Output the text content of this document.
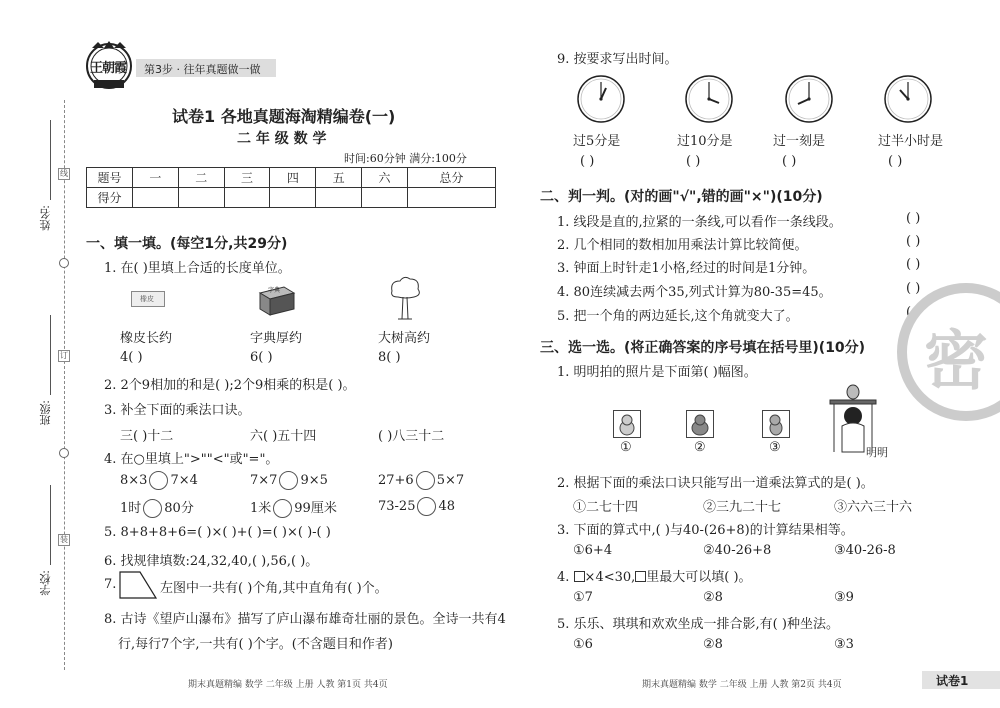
王朝霞 第3步 · 往年真题做一做
试卷1 各地真题海淘精编卷(一)
二 年 级 数 学
时间:60分钟 满分:100分
题号	一	二	三	四	五	六	总分
得分							
线
订
装
姓名:
班级:
学校:
一、填一填。(每空1分,共29分)
1. 在( )里填上合适的长度单位。
橡皮
字典
橡皮长约	字典厚约	大树高约
4( )	6( )	8( )
2. 2个9相加的和是( );2个9相乘的积是( )。
3. 补全下面的乘法口诀。
三( )十二	六( )五十四	( )八三十二
4. 在○里填上">""<"或"="。
8×3 7×4	7×7 9×5	27+6 5×7
1时 80分	1米 99厘米	73-25 48
5. 8+8+8+6=( )×( )+( )=( )×( )-( )
6. 找规律填数:24,32,40,( ),56,( )。
7.	左图中一共有( )个角,其中直角有( )个。
8. 古诗《望庐山瀑布》描写了庐山瀑布雄奇壮丽的景色。全诗一共有4
行,每行7个字,一共有( )个字。(不含题目和作者)
期末真题精编 数学 二年级 上册 人教 第1页 共4页
9. 按要求写出时间。
过5分是	过10分是	过一刻是	过半小时是
( )	( )	( )	( )
二、判一判。(对的画"√",错的画"×")(10分)
1. 线段是直的,拉紧的一条线,可以看作一条线段。	( )
2. 几个相同的数相加用乘法计算比较简便。	( )
3. 钟面上时针走1小格,经过的时间是1分钟。	( )
4. 80连续减去两个35,列式计算为80-35=45。	( )
5. 把一个角的两边延长,这个角就变大了。	( )
密
三、选一选。(将正确答案的序号填在括号里)(10分)
1. 明明拍的照片是下面第( )幅图。
①	②	③	明明
2. 根据下面的乘法口诀只能写出一道乘法算式的是( )。
①二七十四	②三九二十七	③六六三十六
3. 下面的算式中,( )与40-(26+8)的计算结果相等。
①6+4	②40-26+8	③40-26-8
4. ×4<30, 里最大可以填( )。
①7	②8	③9
5. 乐乐、琪琪和欢欢坐成一排合影,有( )种坐法。
①6	②8	③3
期末真题精编 数学 二年级 上册 人教 第2页 共4页	试卷1
